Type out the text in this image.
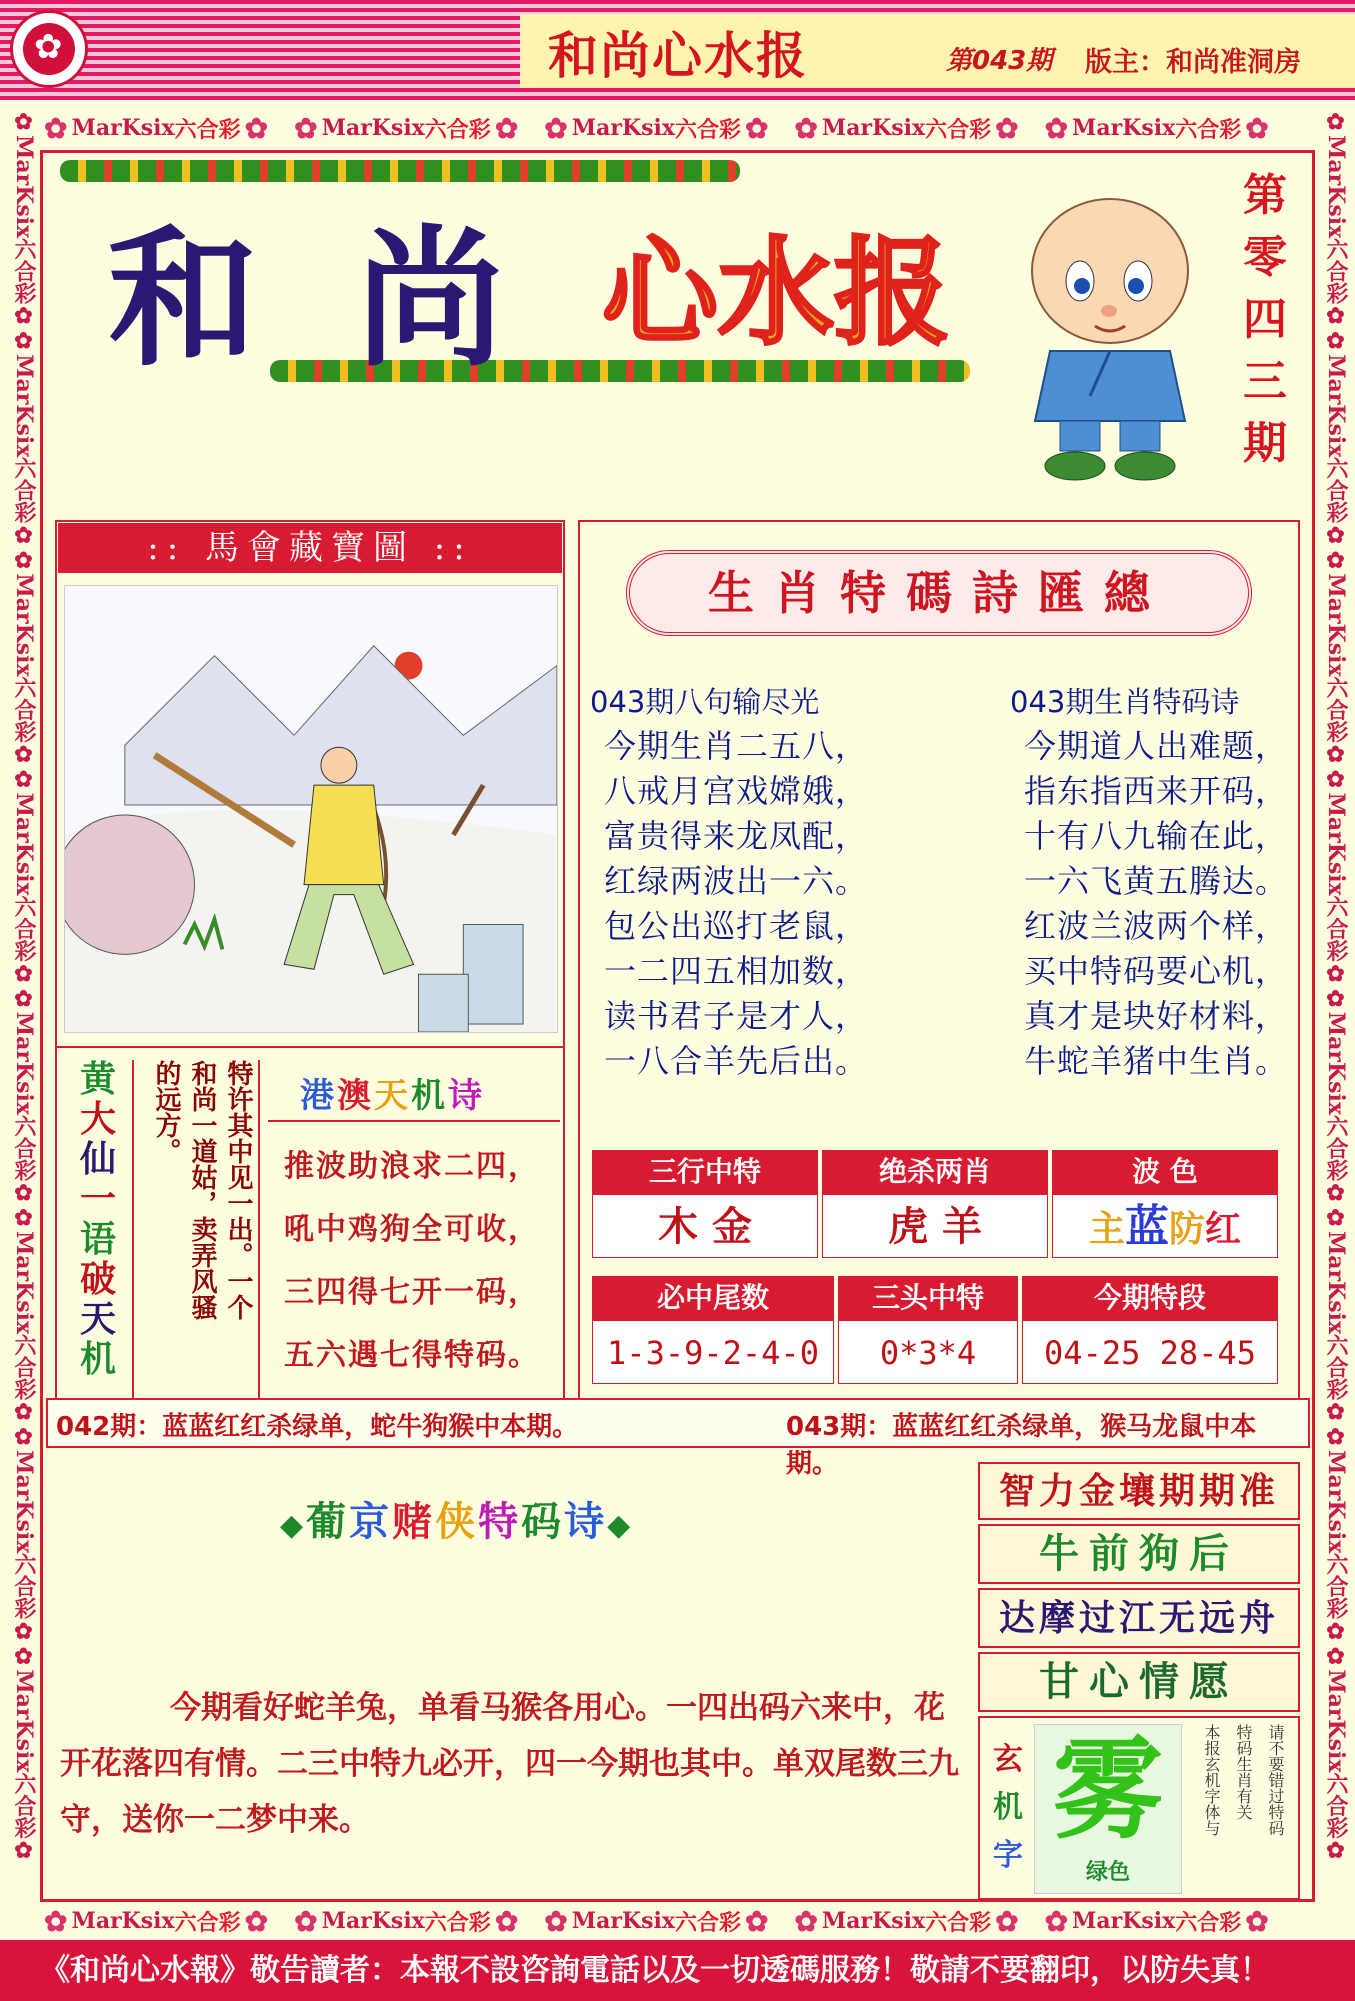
✿
和尚心水报	第043期 版主：和尚准洞房
✿ MarKsix 六合彩 ✿ ✿ MarKsix 六合彩 ✿ ✿ MarKsix 六合彩 ✿ ✿ MarKsix 六合彩 ✿ ✿ MarKsix 六合彩 ✿
✿ MarKsix 六合彩 ✿ ✿ MarKsix 六合彩 ✿ ✿ MarKsix 六合彩 ✿ ✿ MarKsix 六合彩 ✿ ✿ MarKsix 六合彩 ✿
✿MarKsix六合彩✿✿MarKsix六合彩✿✿MarKsix六合彩✿✿MarKsix六合彩✿✿MarKsix六合彩✿✿MarKsix六合彩✿✿MarKsix六合彩✿✿MarKsix六合彩✿
✿MarKsix六合彩✿✿MarKsix六合彩✿✿MarKsix六合彩✿✿MarKsix六合彩✿✿MarKsix六合彩✿✿MarKsix六合彩✿✿MarKsix六合彩✿✿MarKsix六合彩✿
和 尚 心水报
第
零
四
三
期
:: 馬會藏寶圖 ::
黄
大
仙
一
语
破
天
机
特许其中见一出。一个
和尚一道姑，卖弄风骚
的远方。	港澳天机诗
推波助浪求二四，
吼中鸡狗全可收，
三四得七开一码，
五六遇七得特码。
生肖特碼詩匯總
043期八句输尽光
今期生肖二五八，
八戒月宫戏嫦娥，
富贵得来龙凤配，
红绿两波出一六。
包公出巡打老鼠，
一二四五相加数，
读书君子是才人，
一八合羊先后出。
043期生肖特码诗
今期道人出难题，
指东指西来开码，
十有八九输在此，
一六飞黄五腾达。
红波兰波两个样，
买中特码要心机，
真才是块好材料，
牛蛇羊猪中生肖。
三行中特	绝杀两肖	波 色
木 金	虎 羊	主蓝防红
必中尾数	三头中特	今期特段
1-3-9-2-4-0	0*3*4	04-25 28-45
042期：蓝蓝红红杀绿单，蛇牛狗猴中本期。	043期：蓝蓝红红杀绿单，猴马龙鼠中本期。
◆葡京赌侠特码诗◆
今期看好蛇羊兔，单看马猴各用心。一四出码六来中，花开花落四有情。二三中特九必开，四一今期也其中。单双尾数三九守，送你一二梦中来。
智力金壤期期准
牛前狗后
达摩过江无远舟
甘心情愿
玄
机
字
雾
绿色
请不要错过特码
特码生肖有关
本报玄机字体与
《和尚心水報》敬告讀者：本報不設咨詢電話以及一切透碼服務！敬請不要翻印，以防失真！
